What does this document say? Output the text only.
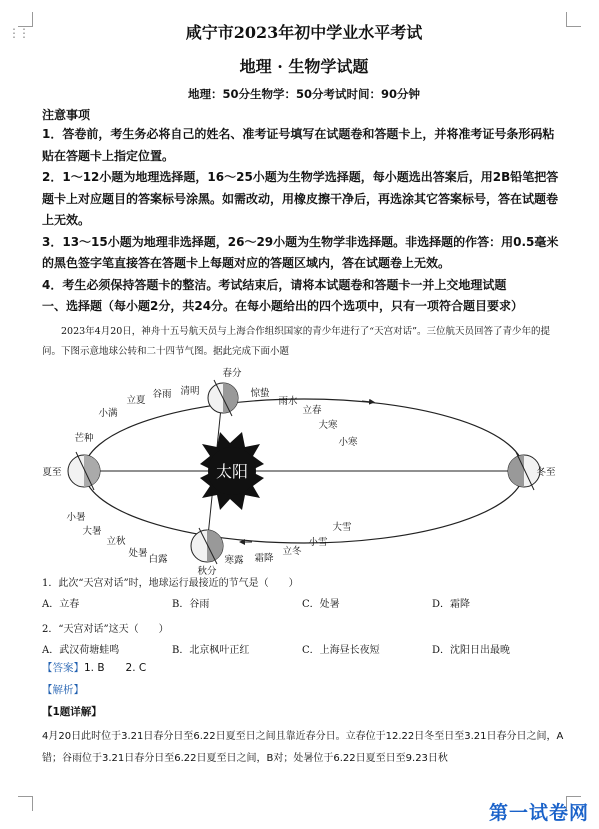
⋮⋮	咸宁市2023年初中学业水平考试
地理 · 生物学试题
地理：50分生物学：50分考试时间：90分钟
注意事项

1．答卷前，考生务必将自己的姓名、准考证号填写在试题卷和答题卡上，并将准考证号条形码粘贴在答题卡上指定位置。

2．1～12小题为地理选择题，16～25小题为生物学选择题，每小题选出答案后，用2B铅笔把答题卡上对应题目的答案标号涂黑。如需改动，用橡皮擦干净后，再选涂其它答案标号，答在试题卷上无效。

3．13～15小题为地理非选择题，26～29小题为生物学非选择题。非选择题的作答：用0.5毫米的黑色签字笔直接答在答题卡上每题对应的答题区域内，答在试题卷上无效。

4．考生必须保持答题卡的整洁。考试结束后，请将本试题卷和答题卡一并上交地理试题

一、选择题（每小题2分，共24分。在每小题给出的四个选项中，只有一项符合题目要求）
2023年4月20日，神舟十五号航天员与上海合作组织国家的青少年进行了“天宫对话”。三位航天员回答了青少年的提问。下图示意地球公转和二十四节气图。据此完成下面小题
太阳
春分
清明
谷雨
立夏
小满
芒种
夏至
小暑
大暑
立秋
处暑
白露
秋分
寒露 霜降
立冬
小雪
大雪
冬至
小寒
大寒
立春
雨水
惊蛰
1．此次“天宫对话”时，地球运行最接近的节气是（　　）
A．立春	B．谷雨	C．处暑	D．霜降
2．“天宫对话”这天（　　）
A．武汉荷塘蛙鸣	B．北京枫叶正红	C．上海昼长夜短	D．沈阳日出最晚
【答案】1. B　　2. C
【解析】
【1题详解】
4月20日此时位于3.21日春分日至6.22日夏至日之间且靠近春分日。立春位于12.22日冬至日至3.21日春分日之间，A错；谷雨位于3.21日春分日至6.22日夏至日之间，B对；处暑位于6.22日夏至日至9.23日秋
第一试卷网
